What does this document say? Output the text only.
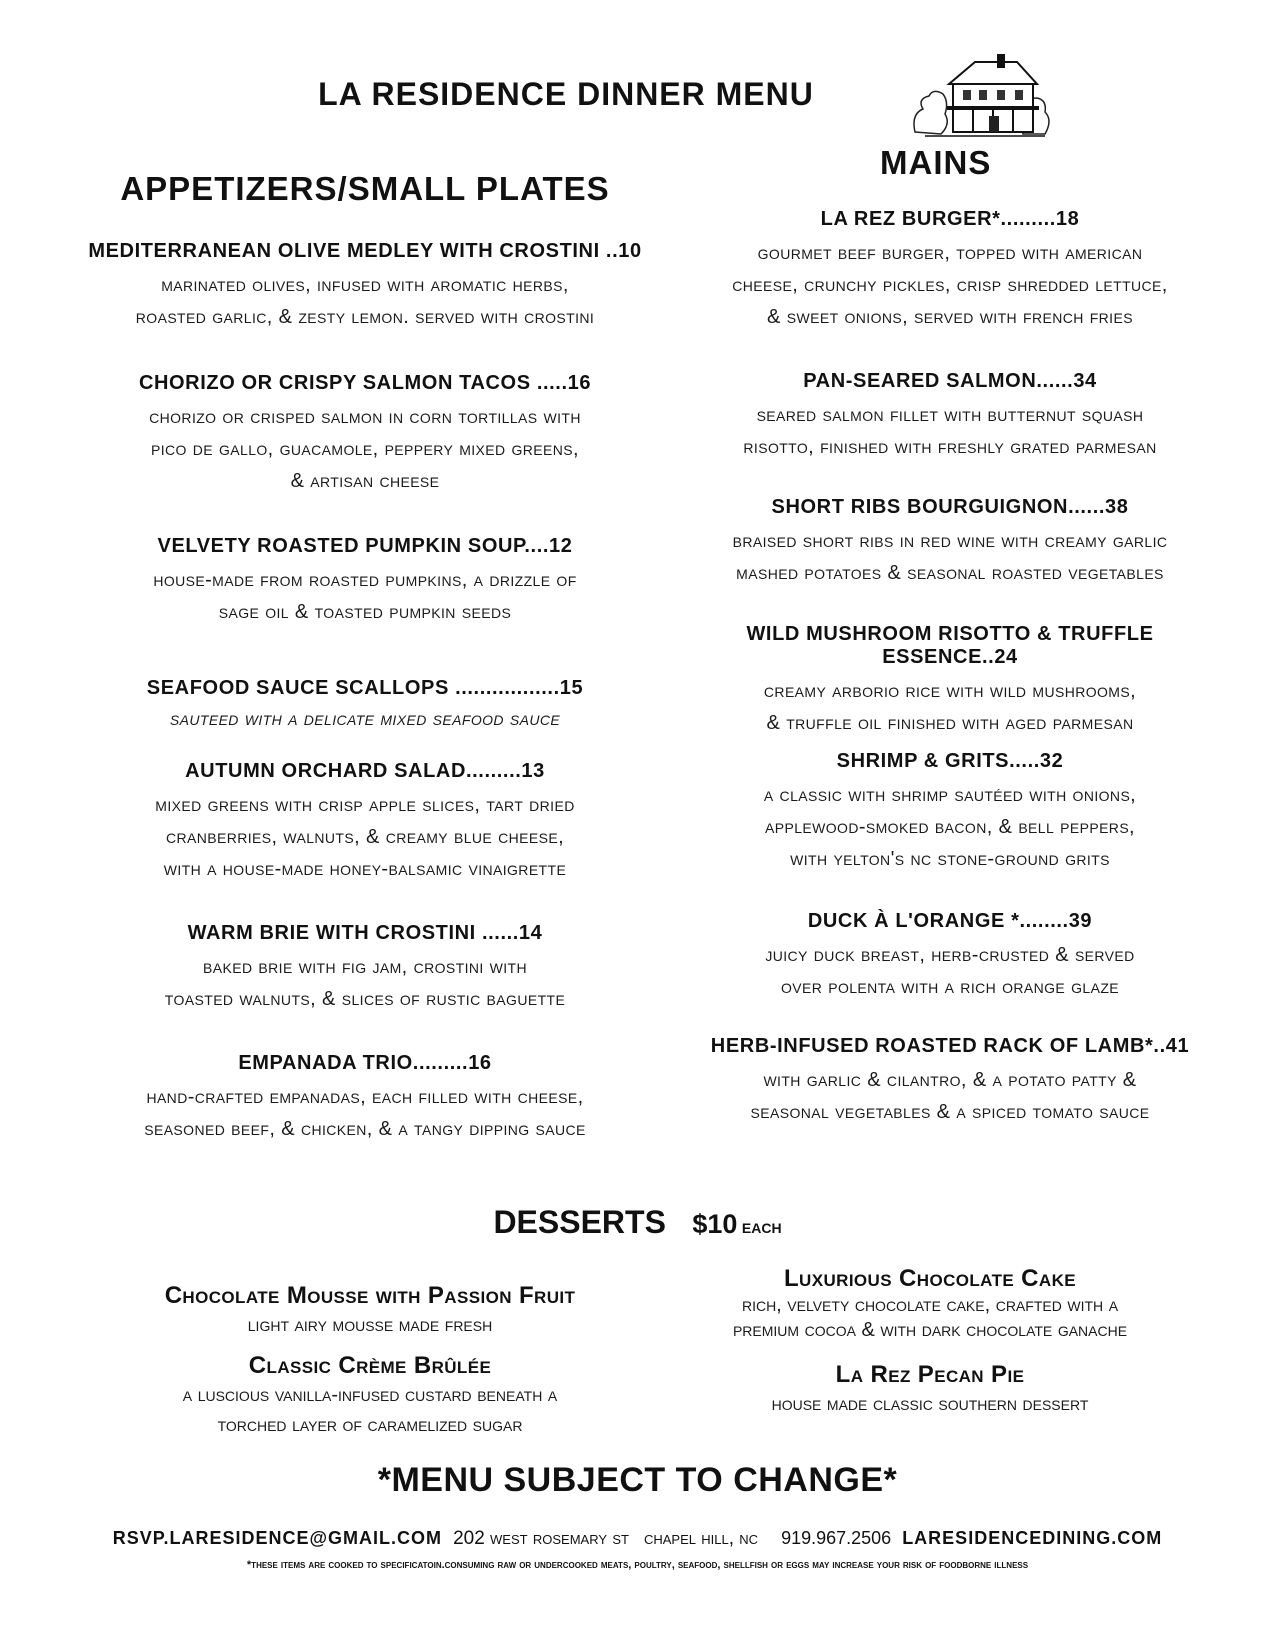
LA RESIDENCE DINNER MENU
APPETIZERS/SMALL PLATES
MAINS
MEDITERRANEAN OLIVE MEDLEY WITH CROSTINI ..10
marinated olives, infused with aromatic herbs,
roasted garlic, & zesty lemon. served with crostini
CHORIZO OR CRISPY SALMON TACOS .....16
chorizo or crisped salmon in corn tortillas with
pico de gallo, guacamole, peppery mixed greens,
& artisan cheese
VELVETY ROASTED PUMPKIN SOUP....12
house-made from roasted pumpkins, a drizzle of
sage oil & toasted pumpkin seeds
SEAFOOD SAUCE SCALLOPS .................15
sauteed with a delicate mixed seafood sauce
AUTUMN ORCHARD SALAD.........13
mixed greens with crisp apple slices, tart dried
cranberries, walnuts, & creamy blue cheese,
with a house-made honey-balsamic vinaigrette
WARM BRIE WITH CROSTINI ......14
baked brie with fig jam, crostini with
toasted walnuts, & slices of rustic baguette
EMPANADA TRIO.........16
hand-crafted empanadas, each filled with cheese,
seasoned beef, & chicken, & a tangy dipping sauce
LA REZ BURGER*.........18
gourmet beef burger, topped with american
cheese, crunchy pickles, crisp shredded lettuce,
& sweet onions, served with french fries
PAN-SEARED SALMON......34
seared salmon fillet with butternut squash
risotto, finished with freshly grated parmesan
SHORT RIBS BOURGUIGNON......38
braised short ribs in red wine with creamy garlic
mashed potatoes & seasonal roasted vegetables
WILD MUSHROOM RISOTTO & TRUFFLE ESSENCE..24
creamy arborio rice with wild mushrooms,
& truffle oil finished with aged parmesan
SHRIMP & GRITS.....32
a classic with shrimp sautéed with onions,
applewood-smoked bacon, & bell peppers,
with yelton's nc stone-ground grits
DUCK À L'ORANGE *........39
juicy duck breast, herb-crusted & served
over polenta with a rich orange glaze
HERB-INFUSED ROASTED RACK OF LAMB*..41
with garlic & cilantro, & a potato patty &
seasonal vegetables & a spiced tomato sauce
DESSERTS $10 each
Chocolate Mousse with Passion Fruit
light airy mousse made fresh
Classic Crème Brûlée
a luscious vanilla-infused custard beneath a
torched layer of caramelized sugar
Luxurious Chocolate Cake
rich, velvety chocolate cake, crafted with a
premium cocoa & with dark chocolate ganache
La Rez Pecan Pie
house made classic southern dessert
*MENU SUBJECT TO CHANGE*
RSVP.LARESIDENCE@GMAIL.COM 202 west rosemary st chapel hill, nc 919.967.2506 LARESIDENCEDINING.COM
*these items are cooked to specificatoin.consuming raw or undercooked meats, poultry, seafood, shellfish or eggs may increase your risk of foodborne illness
